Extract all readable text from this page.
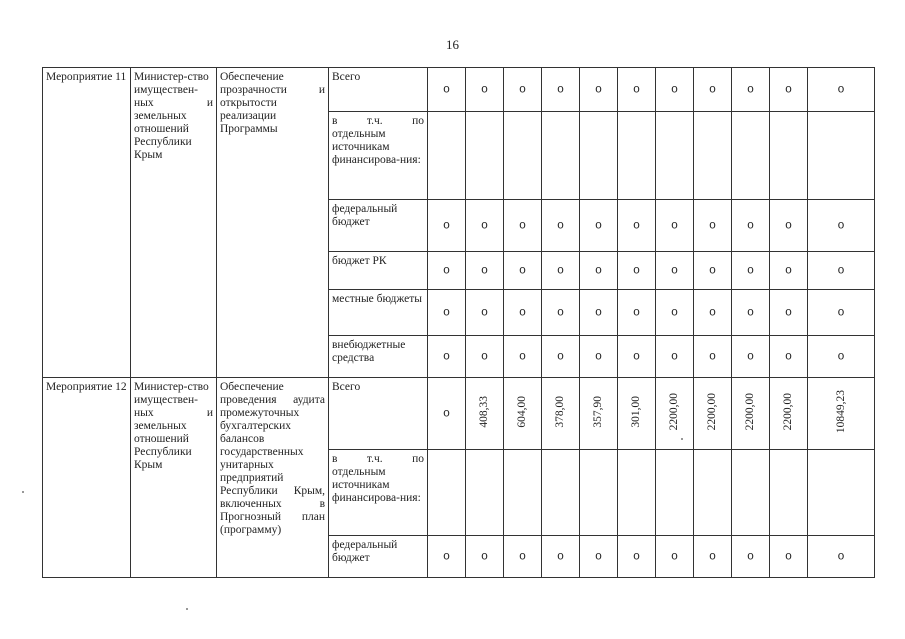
16
Мероприятие 11	Министер-ство имуществен-ных и земельных отношений Республики Крым	Обеспечение прозрачности и открытости реализации Программы	Всего	0	0	0	0	0	0	0	0	0	0	0
			в т.ч. по отдельным источникам финансирова-ния:											
			федеральный бюджет	0	0	0	0	0	0	0	0	0	0	0
			бюджет РК	0	0	0	0	0	0	0	0	0	0	0
			местные бюджеты	0	0	0	0	0	0	0	0	0	0	0
			внебюджетные средства	0	0	0	0	0	0	0	0	0	0	0
Мероприятие 12	Министер-ство имуществен-ных и земельных отношений Республики Крым	Обеспечение проведения аудита промежуточных бухгалтерских балансов государственных унитарных предприятий Республики Крым, включенных в Прогнозный план (программу)	Всего	0	408,33	604,00	378,00	357,90	301,00	2200,00	2200,00	2200,00	2200,00	10849,23
			в т.ч. по отдельным источникам финансирова-ния:											
			федеральный бюджет	0	0	0	0	0	0	0	0	0	0	0
